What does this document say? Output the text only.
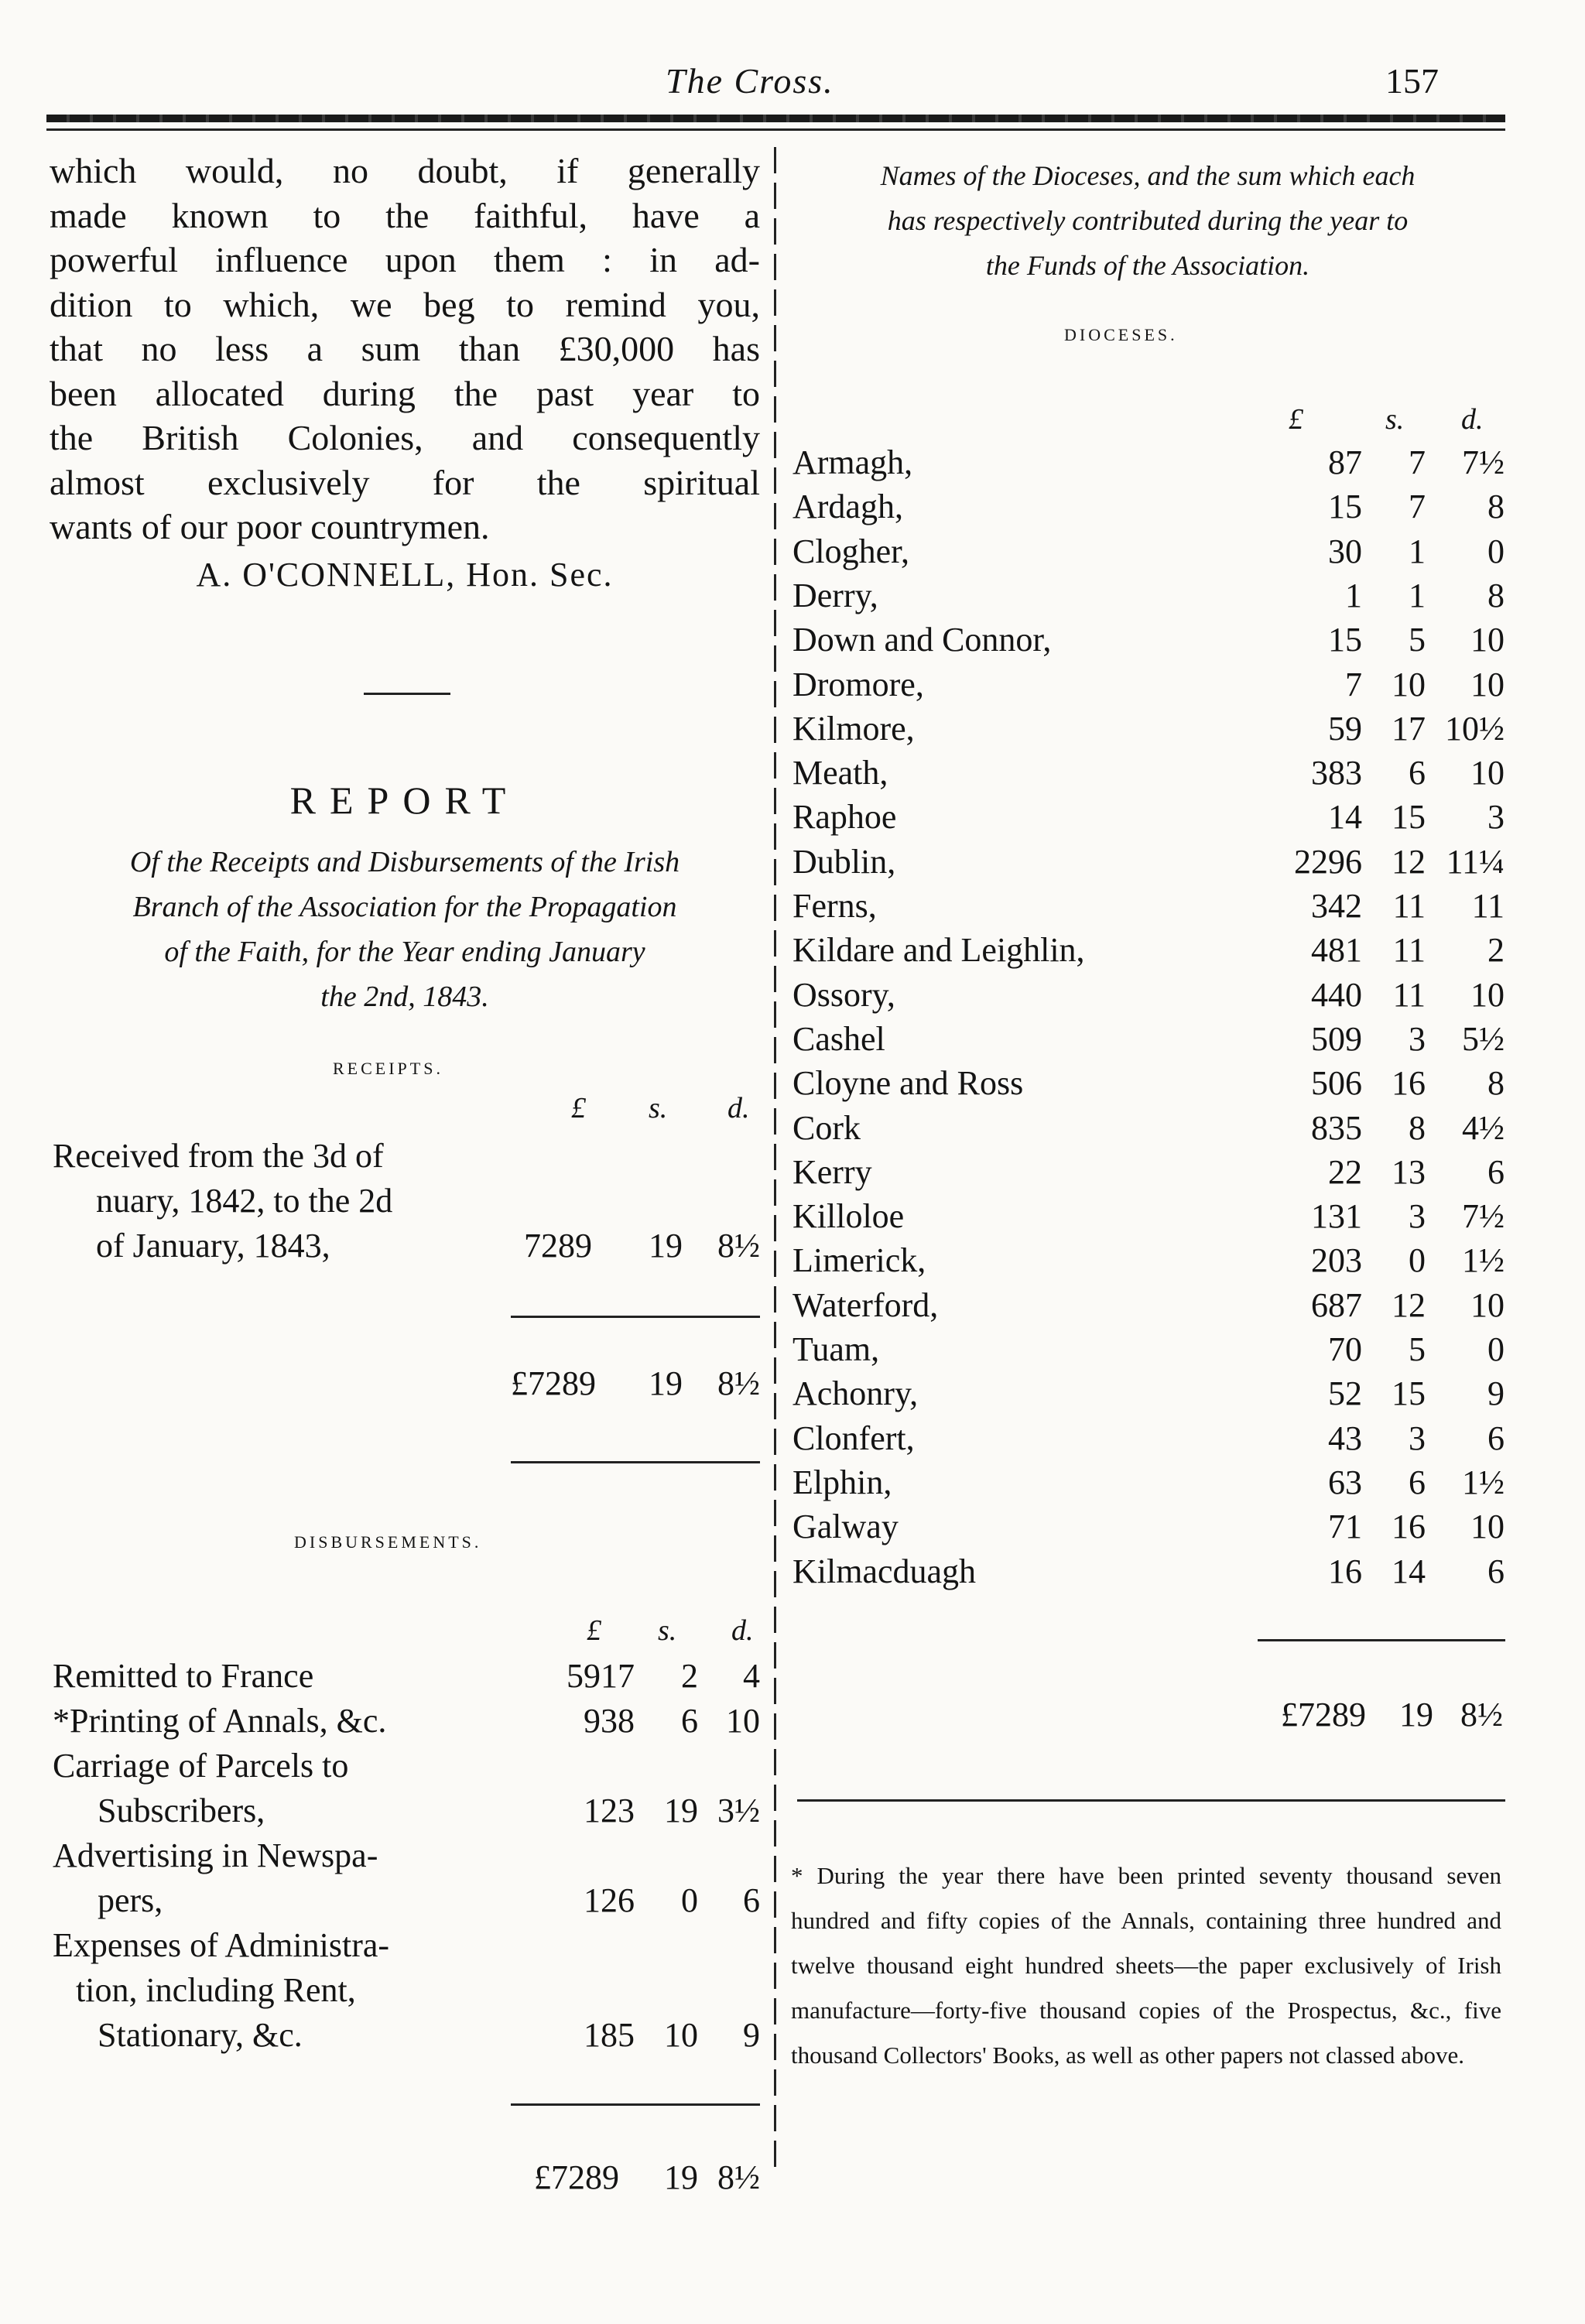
The Cross.	157
which would, no doubt, if generally
made known to the faithful, have a
powerful influence upon them : in ad-
dition to which, we beg to remind you,
that no less a sum than £30,000 has
been allocated during the past year to
the British Colonies, and consequently
almost exclusively for the spiritual
wants of our poor countrymen.
A. O'CONNELL, Hon. Sec.
REPORT
Of the Receipts and Disbursements of the Irish
Branch of the Association for the Propagation
of the Faith, for the Year ending January
the 2nd, 1843.
RECEIPTS.
£ s. d.
Received from the 3d of
nuary, 1842, to the 2d
of January, 1843,	7289	19	8½
£7289	19	8½
DISBURSEMENTS.
£ s. d.
Remitted to France	5917	2	4
*Printing of Annals, &c.	938	6 10
Carriage of Parcels to
Subscribers,	123 19 3½
Advertising in Newspa-
pers,	126	0	6
Expenses of Administra-
tion, including Rent,
Stationary, &c.	185 10	9
£7289	19 8½
Names of the Dioceses, and the sum which each
has respectively contributed during the year to
the Funds of the Association.
DIOCESES.
£	s. d.
Armagh,	87	7	7½
Ardagh,	15	7	8
Clogher,	30	1	0
Derry,	1	1	8
Down and Connor,	15	5	10
Dromore,	7 10	10
Kilmore,	59 17 10½
Meath,	383	6	10
Raphoe	14 15	3
Dublin,	2296 12 11¼
Ferns,	342 11	11
Kildare and Leighlin,	481 11	2
Ossory,	440 11	10
Cashel	509	3	5½
Cloyne and Ross	506 16	8
Cork	835	8	4½
Kerry	22 13	6
Killoloe	131	3	7½
Limerick,	203	0	1½
Waterford,	687 12	10
Tuam,	70	5	0
Achonry,	52 15	9
Clonfert,	43	3	6
Elphin,	63	6	1½
Galway	71 16	10
Kilmacduagh	16 14	6
£7289 19 8½
* During the year there have been printed seventy thousand seven hundred and fifty copies of the Annals, containing three hundred and twelve thousand eight hundred sheets—the paper exclusively of Irish manufacture—forty-five thousand copies of the Prospectus, &c., five thousand Collectors' Books, as well as other papers not classed above.
